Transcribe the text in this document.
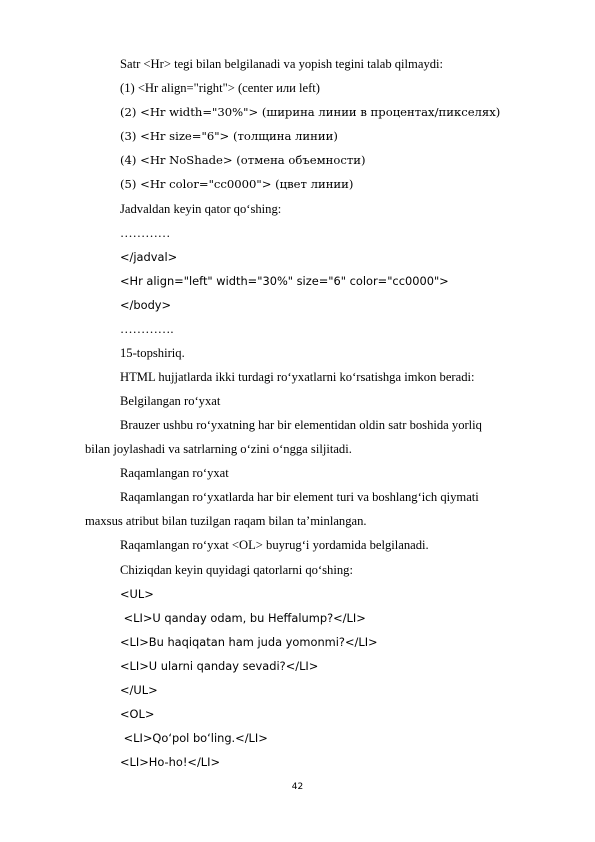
Satr <Hr> tegi bilan belgilanadi va yopish tegini talab qilmaydi:
(1) <Hr align="right"> (center или left)
(2) <Hr width="30%"> (ширина линии в процентах/пикселях)
(3) <Hr size="6"> (толщина линии)
(4) <Hr NoShade> (отмена объемности)
(5) <Hr color="cc0000"> (цвет линии)
Jadvaldan keyin qator qo‘shing:
…………
</jadval>
<Hr align="left" width="30%" size="6" color="cc0000">
</body>
………….
15-topshiriq.
HTML hujjatlarda ikki turdagi ro‘yxatlarni ko‘rsatishga imkon beradi:
Belgilangan ro‘yxat
Brauzer ushbu ro‘yxatning har bir elementidan oldin satr boshida yorliq
bilan joylashadi va satrlarning o‘zini o‘ngga siljitadi.
Raqamlangan ro‘yxat
Raqamlangan ro‘yxatlarda har bir element turi va boshlang‘ich qiymati
maxsus atribut bilan tuzilgan raqam bilan ta’minlangan.
Raqamlangan ro‘yxat <OL> buyrug‘i yordamida belgilanadi.
Chiziqdan keyin quyidagi qatorlarni qo‘shing:
<UL>
<LI>U qanday odam, bu Heffalump?</LI>
<LI>Bu haqiqatan ham juda yomonmi?</LI>
<LI>U ularni qanday sevadi?</LI>
</UL>
<OL>
<LI>Qo‘pol bo‘ling.</LI>
<LI>Ho-ho!</LI>
42
